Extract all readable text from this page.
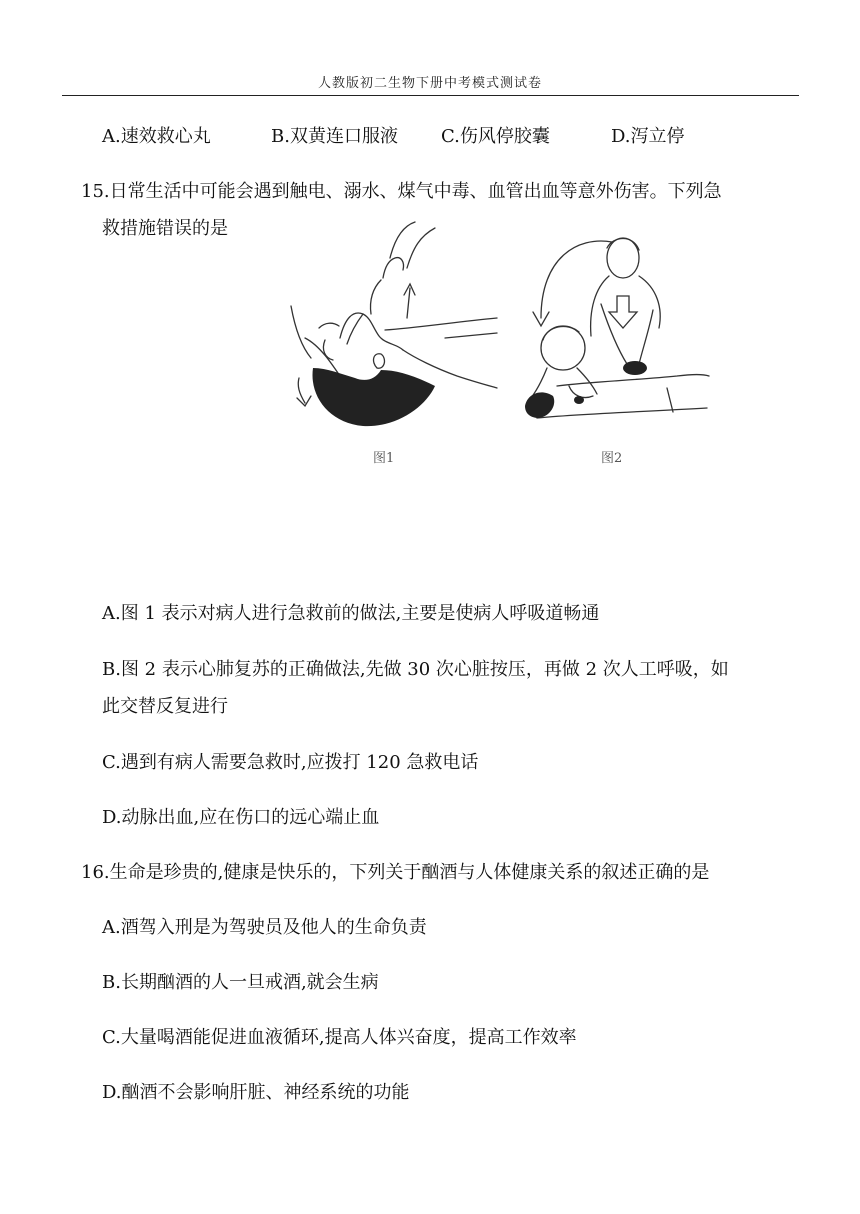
人教版初二生物下册中考模式测试卷
A.速效救心丸	B.双黄连口服液 C.伤风停胶囊	D.泻立停
15.日常生活中可能会遇到触电、溺水、煤气中毒、血管出血等意外伤害。下列急
救措施错误的是
图1	图2
A.图 1 表示对病人进行急救前的做法,主要是使病人呼吸道畅通
B.图 2 表示心肺复苏的正确做法,先做 30 次心脏按压，再做 2 次人工呼吸，如
此交替反复进行
C.遇到有病人需要急救时,应拨打 120 急救电话
D.动脉出血,应在伤口的远心端止血
16.生命是珍贵的,健康是快乐的，下列关于酗酒与人体健康关系的叙述正确的是
A.酒驾入刑是为驾驶员及他人的生命负责
B.长期酗酒的人一旦戒酒,就会生病
C.大量喝酒能促进血液循环,提高人体兴奋度，提高工作效率
D.酗酒不会影响肝脏、神经系统的功能
